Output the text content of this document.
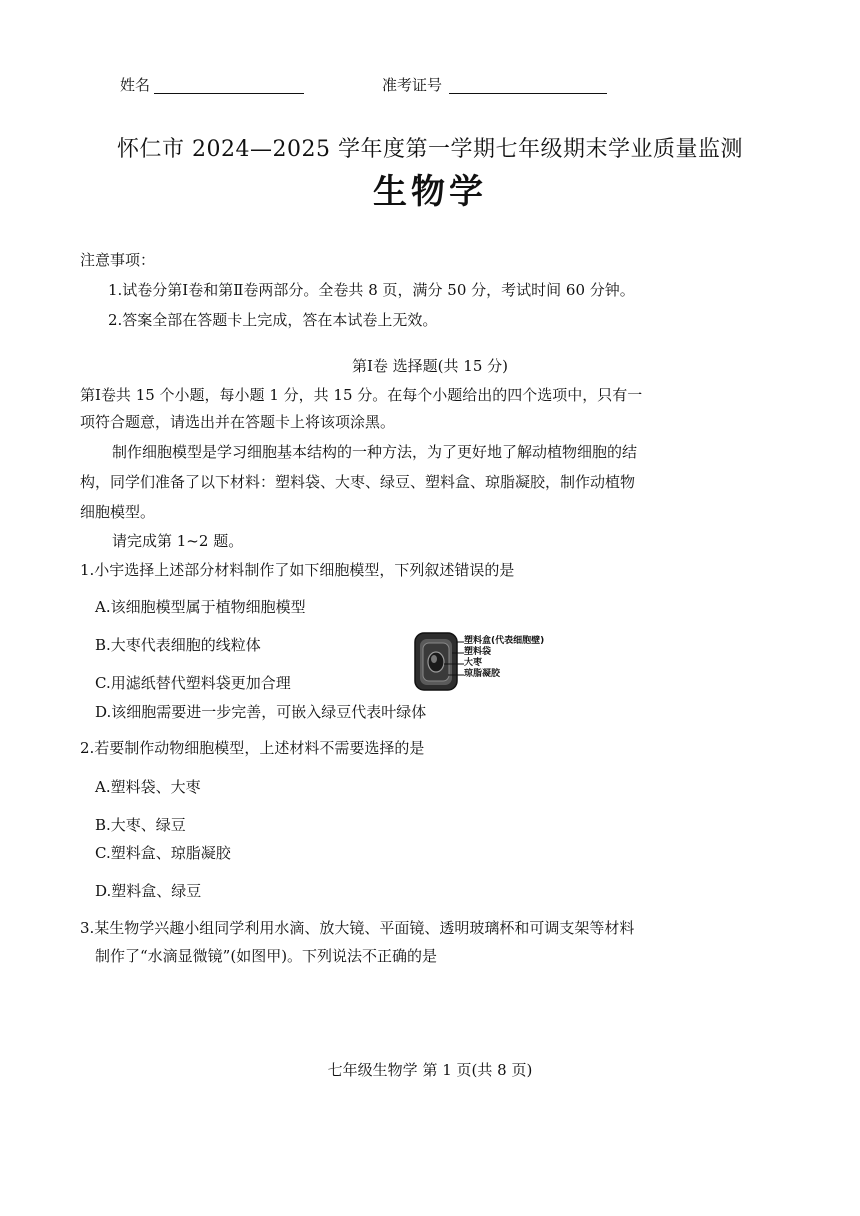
姓名	准考证号
怀仁市 2024—2025 学年度第一学期七年级期末学业质量监测
生物学
注意事项：
1.试卷分第Ⅰ卷和第Ⅱ卷两部分。全卷共 8 页，满分 50 分，考试时间 60 分钟。
2.答案全部在答题卡上完成，答在本试卷上无效。
第Ⅰ卷 选择题(共 15 分)
第Ⅰ卷共 15 个小题，每小题 1 分，共 15 分。在每个小题给出的四个选项中，只有一
项符合题意，请选出并在答题卡上将该项涂黑。
制作细胞模型是学习细胞基本结构的一种方法，为了更好地了解动植物细胞的结
构，同学们准备了以下材料：塑料袋、大枣、绿豆、塑料盒、琼脂凝胶，制作动植物
细胞模型。
请完成第 1~2 题。
1.小宇选择上述部分材料制作了如下细胞模型，下列叙述错误的是
A.该细胞模型属于植物细胞模型
B.大枣代表细胞的线粒体
C.用滤纸替代塑料袋更加合理
D.该细胞需要进一步完善，可嵌入绿豆代表叶绿体
塑料盒(代表细胞壁)
塑料袋
大枣
琼脂凝胶
2.若要制作动物细胞模型，上述材料不需要选择的是
A.塑料袋、大枣
B.大枣、绿豆
C.塑料盒、琼脂凝胶
D.塑料盒、绿豆
3.某生物学兴趣小组同学利用水滴、放大镜、平面镜、透明玻璃杯和可调支架等材料
制作了“水滴显微镜”(如图甲)。下列说法不正确的是
七年级生物学 第 1 页(共 8 页)
